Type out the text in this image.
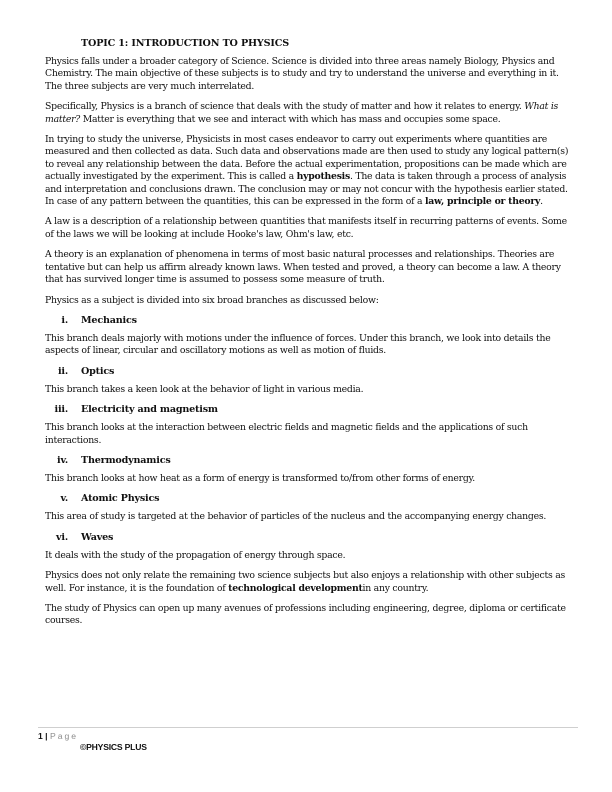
TOPIC 1: INTRODUCTION TO PHYSICS

Physics falls under a broader category of Science. Science is divided into three areas namely Biology, Physics and Chemistry. The main objective of these subjects is to study and try to understand the universe and everything in it. The three subjects are very much interrelated.

Specifically, Physics is a branch of science that deals with the study of matter and how it relates to energy. What is matter? Matter is everything that we see and interact with which has mass and occupies some space.

In trying to study the universe, Physicists in most cases endeavor to carry out experiments where quantities are measured and then collected as data. Such data and observations made are then used to study any logical pattern(s) to reveal any relationship between the data. Before the actual experimentation, propositions can be made which are actually investigated by the experiment. This is called a hypothesis. The data is taken through a process of analysis and interpretation and conclusions drawn. The conclusion may or may not concur with the hypothesis earlier stated. In case of any pattern between the quantities, this can be expressed in the form of a law, principle or theory.

A law is a description of a relationship between quantities that manifests itself in recurring patterns of events. Some of the laws we will be looking at include Hooke's law, Ohm's law, etc.

A theory is an explanation of phenomena in terms of most basic natural processes and relationships. Theories are tentative but can help us affirm already known laws. When tested and proved, a theory can become a law. A theory that has survived longer time is assumed to possess some measure of truth.

Physics as a subject is divided into six broad branches as discussed below:

i.	Mechanics

This branch deals majorly with motions under the influence of forces. Under this branch, we look into details the aspects of linear, circular and oscillatory motions as well as motion of fluids.

ii.	Optics

This branch takes a keen look at the behavior of light in various media.

iii.	Electricity and magnetism

This branch looks at the interaction between electric fields and magnetic fields and the applications of such interactions.

iv.	Thermodynamics

This branch looks at how heat as a form of energy is transformed to/from other forms of energy.

v.	Atomic Physics

This area of study is targeted at the behavior of particles of the nucleus and the accompanying energy changes.

vi.	Waves

It deals with the study of the propagation of energy through space.

Physics does not only relate the remaining two science subjects but also enjoys a relationship with other subjects as well. For instance, it is the foundation of technological developmentin any country.

The study of Physics can open up many avenues of professions including engineering, degree, diploma or certificate courses.

1 | Page
©PHYSICS PLUS
